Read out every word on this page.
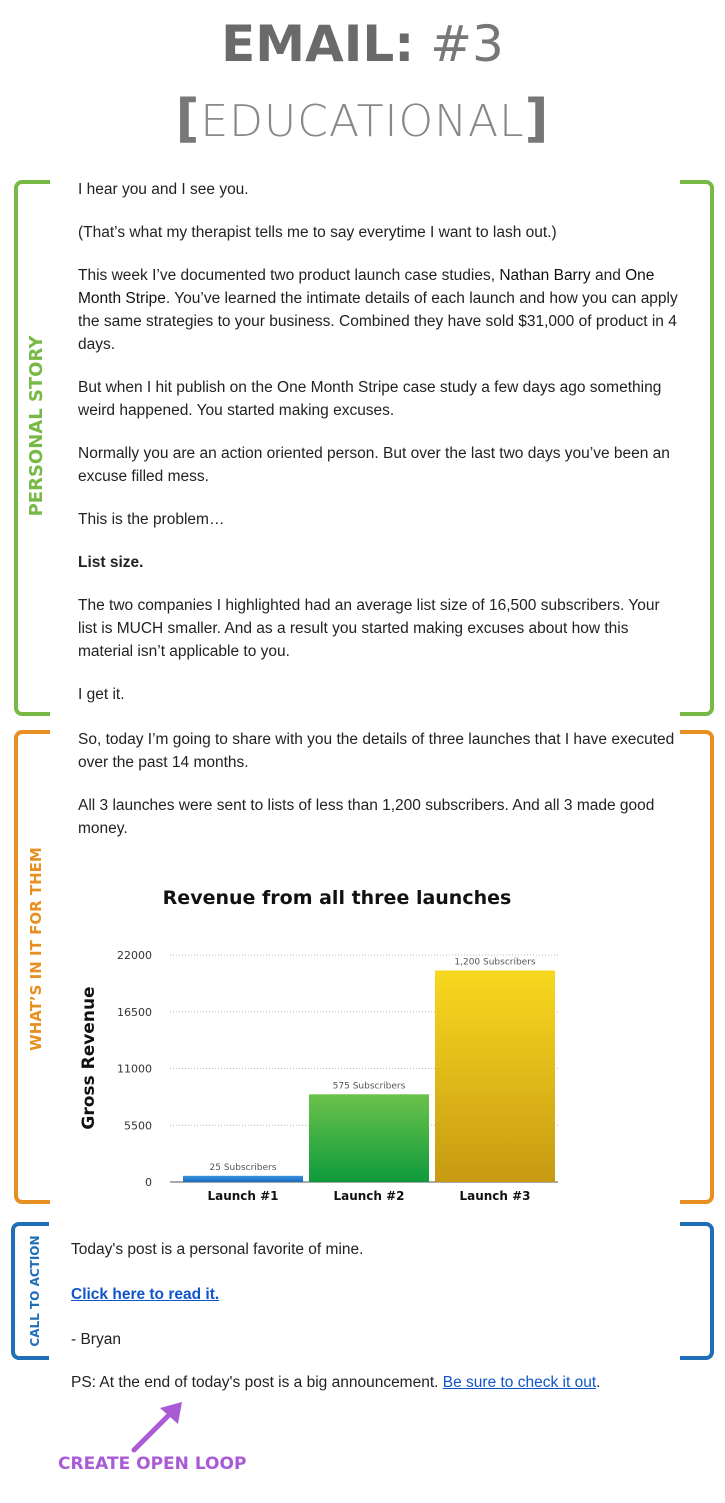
EMAIL: #3
[EDUCATIONAL]
PERSONAL STORY

I hear you and I see you.

(That’s what my therapist tells me to say everytime I want to lash out.)

This week I’ve documented two product launch case studies, Nathan Barry and One Month Stripe. You’ve learned the intimate details of each launch and how you can apply the same strategies to your business. Combined they have sold $31,000 of product in 4 days.

But when I hit publish on the One Month Stripe case study a few days ago something weird happened. You started making excuses.

Normally you are an action oriented person. But over the last two days you’ve been an excuse filled mess.

This is the problem…

List size.

The two companies I highlighted had an average list size of 16,500 subscribers. Your list is MUCH smaller. And as a result you started making excuses about how this material isn’t applicable to you.

I get it.

WHAT’S IN IT FOR THEM

So, today I’m going to share with you the details of three launches that I have executed over the past 14 months.

All 3 launches were sent to lists of less than 1,200 subscribers. And all 3 made good money.

Revenue from all three launches
Gross Revenue
0
5500
11000
16500
22000
25 Subscribers
Launch #1
575 Subscribers
Launch #2
1,200 Subscribers
Launch #3
CALL TO ACTION Today's post is a personal favorite of mine.

Click here to read it.

- Bryan

PS: At the end of today's post is a big announcement. Be sure to check it out.

CREATE OPEN LOOP
